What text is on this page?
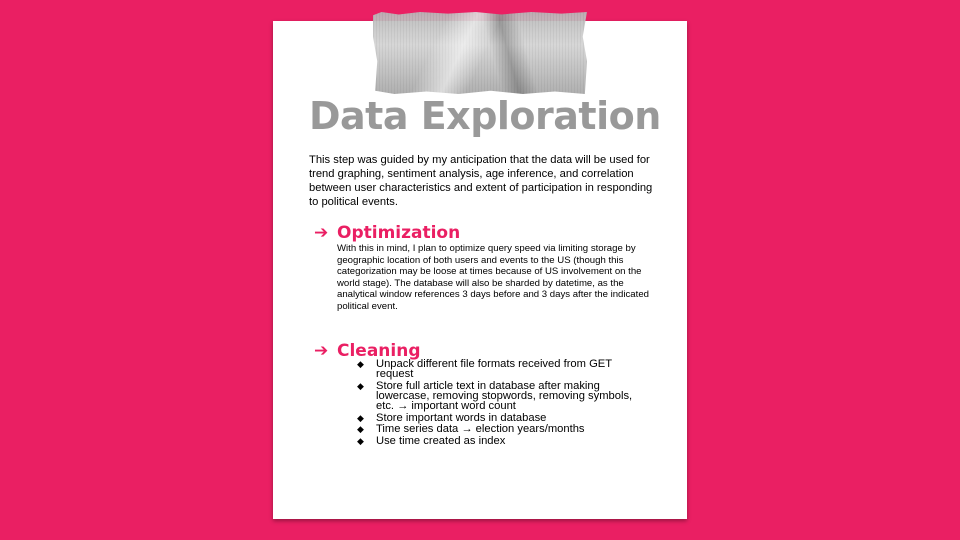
Data Exploration

This step was guided by my anticipation that the data will be used for trend graphing, sentiment analysis, age inference, and correlation between user characteristics and extent of participation in responding to political events.

➔ Optimization

With this in mind, I plan to optimize query speed via limiting storage by geographic location of both users and events to the US (though this categorization may be loose at times because of US involvement on the world stage). The database will also be sharded by datetime, as the analytical window references 3 days before and 3 days after the indicated political event.

➔ Cleaning
◆ Unpack different file formats received from GET request
◆ Store full article text in database after making lowercase, removing stopwords, removing symbols, etc. → important word count
◆ Store important words in database
◆ Time series data → election years/months
◆ Use time created as index
